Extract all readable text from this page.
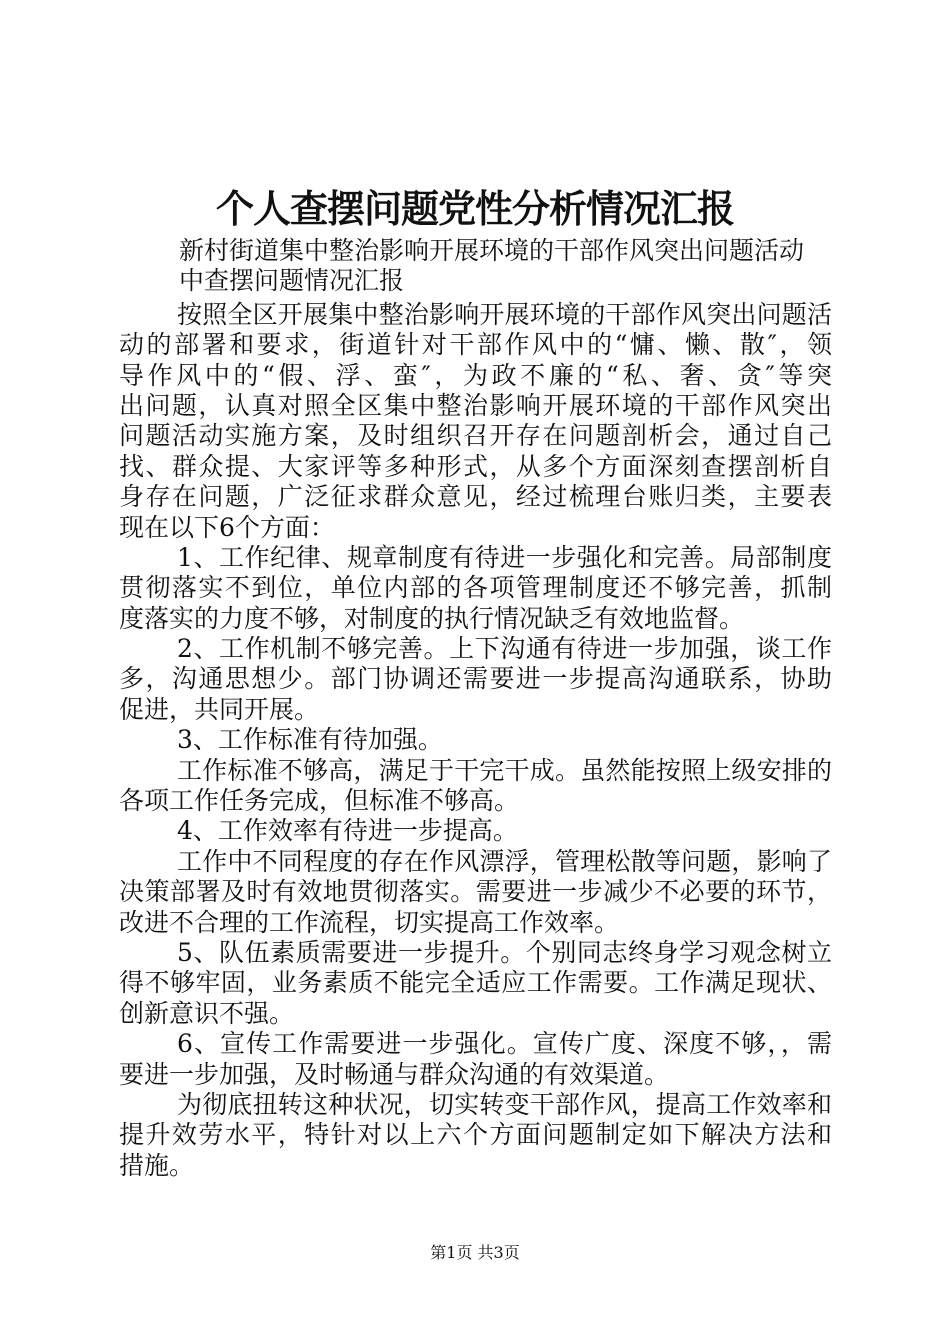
个人查摆问题党性分析情况汇报
新村街道集中整治影响开展环境的干部作风突出问题活动
中查摆问题情况汇报
按照全区开展集中整治影响开展环境的干部作风突出问题活
动的部署和要求，街道针对干部作风中的“慵、懒、散″，领
导作风中的“假、浮、蛮″，为政不廉的“私、奢、贪″等突
出问题，认真对照全区集中整治影响开展环境的干部作风突出
问题活动实施方案，及时组织召开存在问题剖析会，通过自己
找、群众提、大家评等多种形式，从多个方面深刻查摆剖析自
身存在问题，广泛征求群众意见，经过梳理台账归类，主要表
现在以下6个方面：
1、工作纪律、规章制度有待进一步强化和完善。局部制度
贯彻落实不到位，单位内部的各项管理制度还不够完善，抓制
度落实的力度不够，对制度的执行情况缺乏有效地监督。
2、工作机制不够完善。上下沟通有待进一步加强，谈工作
多，沟通思想少。部门协调还需要进一步提高沟通联系，协助
促进，共同开展。
3、工作标准有待加强。
工作标准不够高，满足于干完干成。虽然能按照上级安排的
各项工作任务完成，但标准不够高。
4、工作效率有待进一步提高。
工作中不同程度的存在作风漂浮，管理松散等问题，影响了
决策部署及时有效地贯彻落实。需要进一步减少不必要的环节，
改进不合理的工作流程，切实提高工作效率。
5、队伍素质需要进一步提升。个别同志终身学习观念树立
得不够牢固，业务素质不能完全适应工作需要。工作满足现状、
创新意识不强。
6、宣传工作需要进一步强化。宣传广度、深度不够，，需
要进一步加强，及时畅通与群众沟通的有效渠道。
为彻底扭转这种状况，切实转变干部作风，提高工作效率和
提升效劳水平，特针对以上六个方面问题制定如下解决方法和
措施。
第1页 共3页
